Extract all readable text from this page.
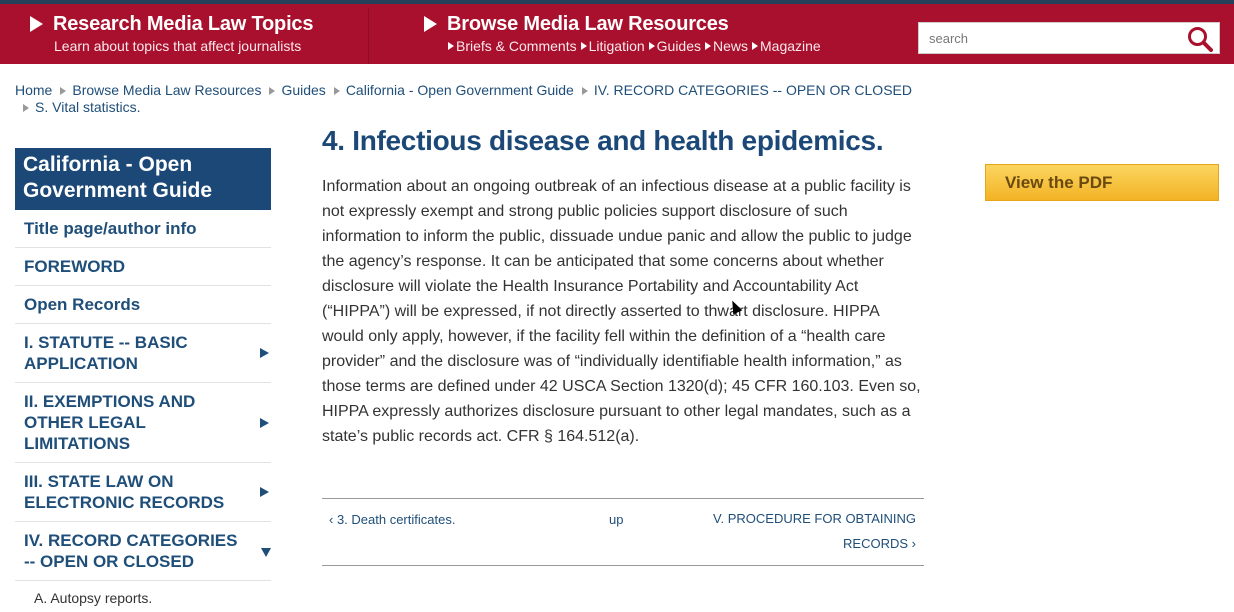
Research Media Law Topics
Learn about topics that affect journalists
Browse Media Law Resources
Briefs & Comments Litigation Guides News Magazine
search
Home Browse Media Law Resources Guides California - Open Government Guide IV. RECORD CATEGORIES -- OPEN OR CLOSEDS. Vital statistics.
California - Open Government Guide
Title page/author info
FOREWORD
Open Records
I. STATUTE -- BASIC APPLICATION
II. EXEMPTIONS AND OTHER LEGAL LIMITATIONS
III. STATE LAW ON ELECTRONIC RECORDS
IV. RECORD CATEGORIES -- OPEN OR CLOSED
A. Autopsy reports.
4. Infectious disease and health epidemics.

Information about an ongoing outbreak of an infectious disease at a public facility is not expressly exempt and strong public policies support disclosure of such information to inform the public, dissuade undue panic and allow the public to judge the agency’s response. It can be anticipated that some concerns about whether disclosure will violate the Health Insurance Portability and Accountability Act (“HIPPA”) will be expressed, if not directly asserted to thwart disclosure. HIPPA would only apply, however, if the facility fell within the definition of a “health care provider” and the disclosure was of “individually identifiable health information,” as those terms are defined under 42 USCA Section 1320(d); 45 CFR 160.103. Even so, HIPPA expressly authorizes disclosure pursuant to other legal mandates, such as a state’s public records act. CFR § 164.512(a).

‹ 3. Death certificates.	up	V. PROCEDURE FOR OBTAINING
RECORDS ›
View the PDF
